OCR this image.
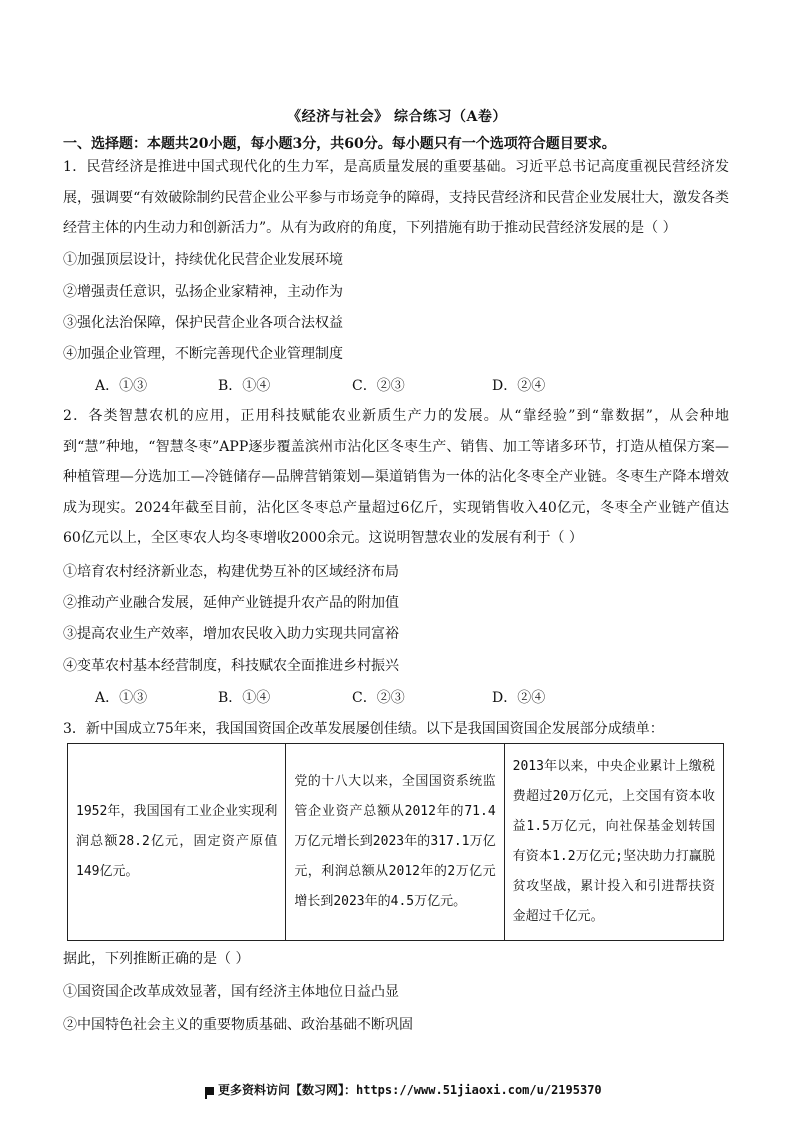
《经济与社会》 综合练习（A卷）
一、选择题：本题共20小题，每小题3分，共60分。每小题只有一个选项符合题目要求。
1．民营经济是推进中国式现代化的生力军，是高质量发展的重要基础。习近平总书记高度重视民营经济发展，强调要“有效破除制约民营企业公平参与市场竞争的障碍，支持民营经济和民营企业发展壮大，激发各类经营主体的内生动力和创新活力”。从有为政府的角度，下列措施有助于推动民营经济发展的是（ ）
①加强顶层设计，持续优化民营企业发展环境
②增强责任意识，弘扬企业家精神，主动作为
③强化法治保障，保护民营企业各项合法权益
④加强企业管理，不断完善现代企业管理制度
A．①③	B．①④	C．②③	D．②④
2．各类智慧农机的应用，正用科技赋能农业新质生产力的发展。从“靠经验”到“靠数据”，从会种地到“慧”种地，“智慧冬枣”APP逐步覆盖滨州市沾化区冬枣生产、销售、加工等诸多环节，打造从植保方案—种植管理—分选加工—冷链储存—品牌营销策划—渠道销售为一体的沾化冬枣全产业链。冬枣生产降本增效成为现实。2024年截至目前，沾化区冬枣总产量超过6亿斤，实现销售收入40亿元，冬枣全产业链产值达60亿元以上，全区枣农人均冬枣增收2000余元。这说明智慧农业的发展有利于（ ）
①培育农村经济新业态，构建优势互补的区域经济布局
②推动产业融合发展，延伸产业链提升农产品的附加值
③提高农业生产效率，增加农民收入助力实现共同富裕
④变革农村基本经营制度，科技赋农全面推进乡村振兴
A．①③	B．①④	C．②③	D．②④
3．新中国成立75年来，我国国资国企改革发展屡创佳绩。以下是我国国资国企发展部分成绩单：
1952年，我国国有工业企业实现利润总额28.2亿元，固定资产原值149亿元。
党的十八大以来，全国国资系统监管企业资产总额从2012年的71.4万亿元增长到2023年的317.1万亿元，利润总额从2012年的2万亿元增长到2023年的4.5万亿元。
2013年以来，中央企业累计上缴税费超过20万亿元，上交国有资本收益1.5万亿元，向社保基金划转国有资本1.2万亿元;坚决助力打赢脱贫攻坚战，累计投入和引进帮扶资金超过千亿元。
据此，下列推断正确的是（ ）
①国资国企改革成效显著，国有经济主体地位日益凸显
②中国特色社会主义的重要物质基础、政治基础不断巩固
更多资料访问【数习网】：https://www.51jiaoxi.com/u/2195370
